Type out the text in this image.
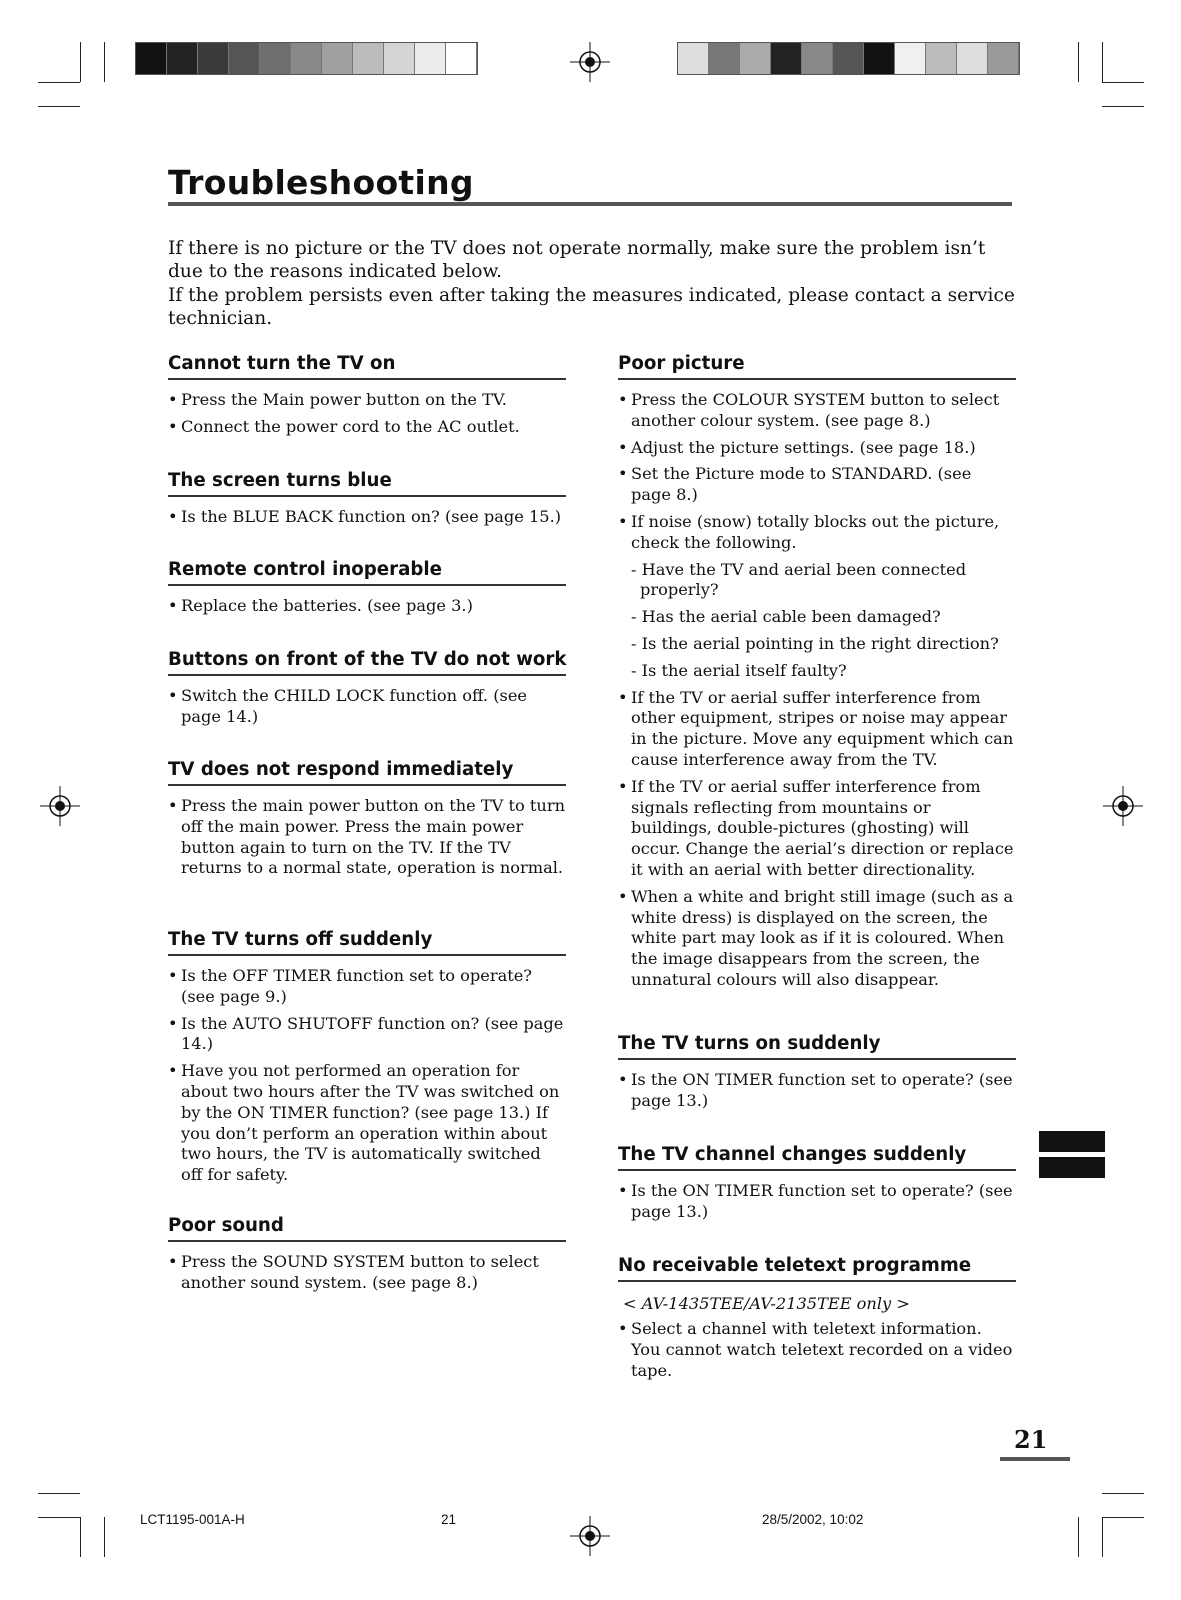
Troubleshooting

If there is no picture or the TV does not operate normally, make sure the problem isn’t due to the reasons indicated below.

If the problem persists even after taking the measures indicated, please contact a service technician.

Cannot turn the TV on
• Press the Main power button on the TV.
• Connect the power cord to the AC outlet.
The screen turns blue
• Is the BLUE BACK function on? (see page 15.)
Remote control inoperable
• Replace the batteries. (see page 3.)
Buttons on front of the TV do not work
• Switch the CHILD LOCK function off. (see page 14.)
TV does not respond immediately
• Press the main power button on the TV to turn off the main power. Press the main power button again to turn on the TV. If the TV returns to a normal state, operation is normal.
The TV turns off suddenly
• Is the OFF TIMER function set to operate? (see page 9.)
• Is the AUTO SHUTOFF function on? (see page 14.)
• Have you not performed an operation for about two hours after the TV was switched on by the ON TIMER function? (see page 13.) If you don’t perform an operation within about two hours, the TV is automatically switched off for safety.
Poor sound
• Press the SOUND SYSTEM button to select another sound system. (see page 8.)
Poor picture
• Press the COLOUR SYSTEM button to select another colour system. (see page 8.)
• Adjust the picture settings. (see page 18.)
• Set the Picture mode to STANDARD. (see page 8.)
• If noise (snow) totally blocks out the picture, check the following.
- Have the TV and aerial been connected properly?
- Has the aerial cable been damaged?
- Is the aerial pointing in the right direction?
- Is the aerial itself faulty?
• If the TV or aerial suffer interference from other equipment, stripes or noise may appear in the picture. Move any equipment which can cause interference away from the TV.
• If the TV or aerial suffer interference from signals reflecting from mountains or buildings, double-pictures (ghosting) will occur. Change the aerial’s direction or replace it with an aerial with better directionality.
• When a white and bright still image (such as a white dress) is displayed on the screen, the white part may look as if it is coloured. When the image disappears from the screen, the unnatural colours will also disappear.
The TV turns on suddenly
• Is the ON TIMER function set to operate? (see page 13.)
The TV channel changes suddenly
• Is the ON TIMER function set to operate? (see page 13.)
No receivable teletext programme
< AV-1435TEE/AV-2135TEE only >
• Select a channel with teletext information. You cannot watch teletext recorded on a video tape.
21
LCT1195-001A-H	21	28/5/2002, 10:02
